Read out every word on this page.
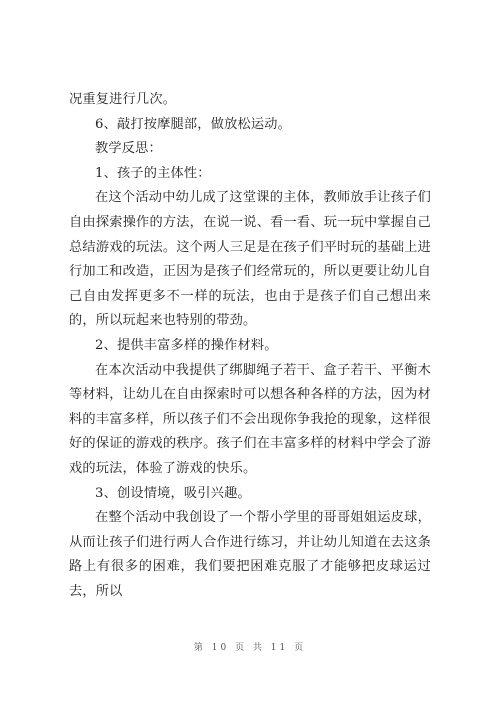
况重复进行几次。

6、敲打按摩腿部，做放松运动。

教学反思：

1、孩子的主体性：

在这个活动中幼儿成了这堂课的主体，教师放手让孩子们自由探索操作的方法，在说一说、看一看、玩一玩中掌握自己总结游戏的玩法。这个两人三足是在孩子们平时玩的基础上进行加工和改造，正因为是孩子们经常玩的，所以更要让幼儿自己自由发挥更多不一样的玩法，也由于是孩子们自己想出来的，所以玩起来也特别的带劲。

2、提供丰富多样的操作材料。

在本次活动中我提供了绑脚绳子若干、盒子若干、平衡木等材料，让幼儿在自由探索时可以想各种各样的方法，因为材料的丰富多样，所以孩子们不会出现你争我抢的现象，这样很好的保证的游戏的秩序。孩子们在丰富多样的材料中学会了游戏的玩法，体验了游戏的快乐。

3、创设情境，吸引兴趣。

在整个活动中我创设了一个帮小学里的哥哥姐姐运皮球，从而让孩子们进行两人合作进行练习，并让幼儿知道在去这条路上有很多的困难，我们要把困难克服了才能够把皮球运过去，所以

第 10 页 共 11 页
